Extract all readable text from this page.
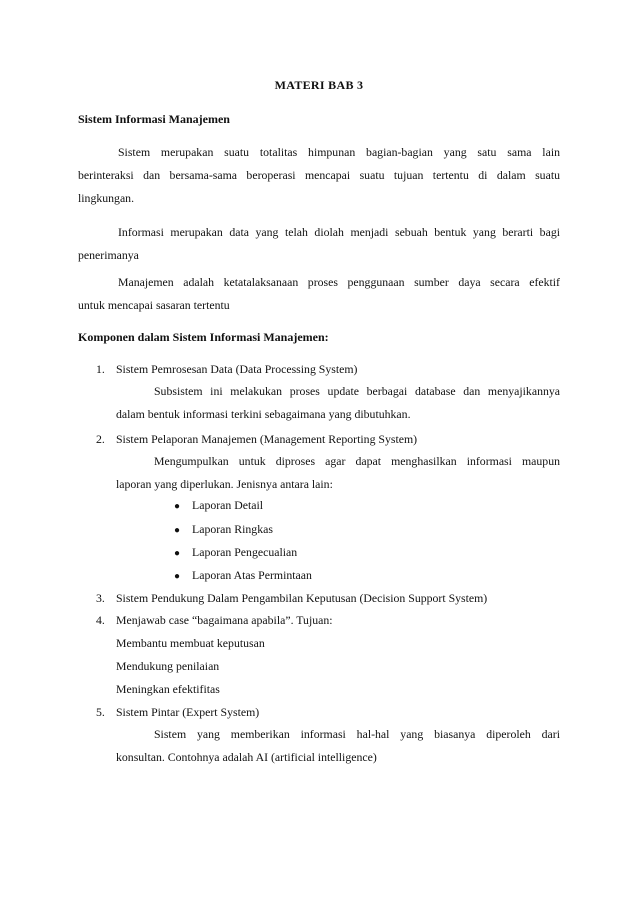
MATERI BAB 3
Sistem Informasi Manajemen
Sistem merupakan suatu totalitas himpunan bagian-bagian yang satu sama lain
berinteraksi dan bersama-sama beroperasi mencapai suatu tujuan tertentu di dalam suatu
lingkungan.
Informasi merupakan data yang telah diolah menjadi sebuah bentuk yang berarti bagi
penerimanya
Manajemen adalah ketatalaksanaan proses penggunaan sumber daya secara efektif
untuk mencapai sasaran tertentu
Komponen dalam Sistem Informasi Manajemen:
1. Sistem Pemrosesan Data (Data Processing System)
Subsistem ini melakukan proses update berbagai database dan menyajikannya
dalam bentuk informasi terkini sebagaimana yang dibutuhkan.
2. Sistem Pelaporan Manajemen (Management Reporting System)
Mengumpulkan untuk diproses agar dapat menghasilkan informasi maupun
laporan yang diperlukan. Jenisnya antara lain:
● Laporan Detail
● Laporan Ringkas
● Laporan Pengecualian
● Laporan Atas Permintaan
3. Sistem Pendukung Dalam Pengambilan Keputusan (Decision Support System)
4. Menjawab case “bagaimana apabila”. Tujuan:
Membantu membuat keputusan
Mendukung penilaian
Meningkan efektifitas
5. Sistem Pintar (Expert System)
Sistem yang memberikan informasi hal-hal yang biasanya diperoleh dari
konsultan. Contohnya adalah AI (artificial intelligence)
